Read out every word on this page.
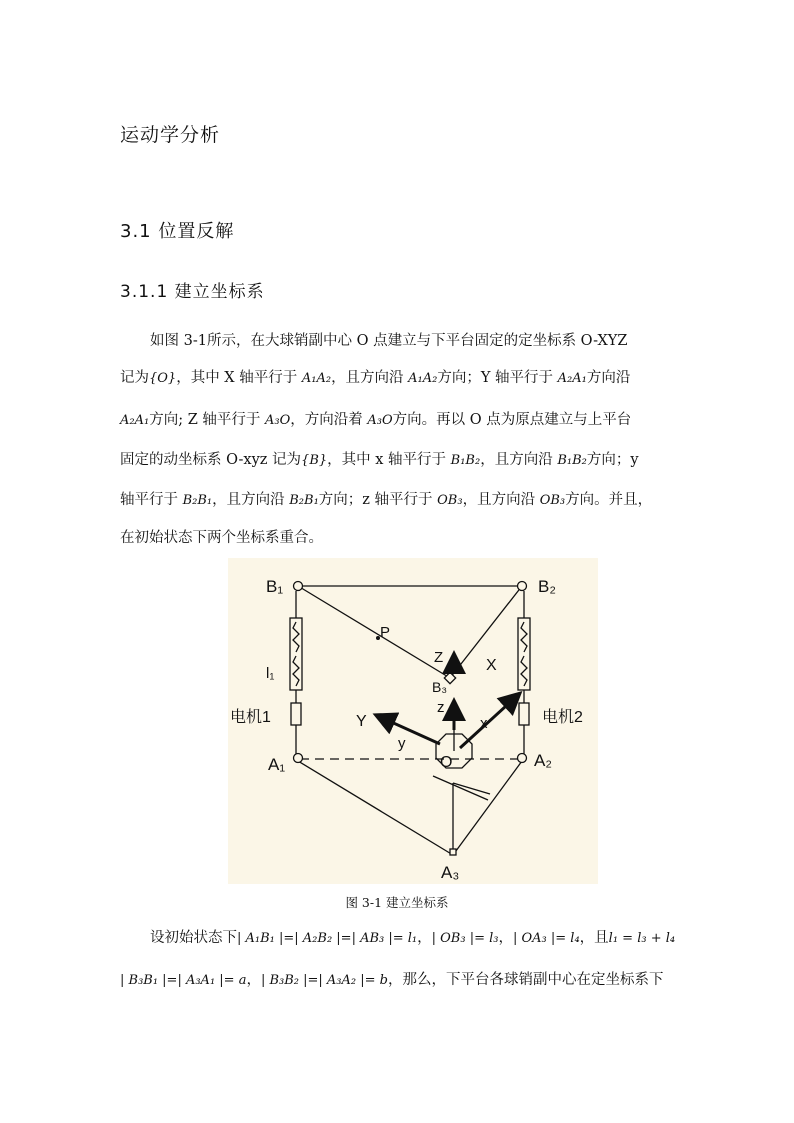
运动学分析
3.1 位置反解
3.1.1 建立坐标系
如图 3-1所示，在大球销副中心 O 点建立与下平台固定的定坐标系 O-XYZ
记为{O}，其中 X 轴平行于 A₁A₂，且方向沿 A₁A₂方向；Y 轴平行于 A₂A₁方向沿
A₂A₁方向; Z 轴平行于 A₃O，方向沿着 A₃O方向。再以 O 点为原点建立与上平台
固定的动坐标系 O-xyz 记为{B}，其中 x 轴平行于 B₁B₂，且方向沿 B₁B₂方向；y
轴平行于 B₂B₁，且方向沿 B₂B₁方向；z 轴平行于 OB₃，且方向沿 OB₃方向。并且，
在初始状态下两个坐标系重合。
B₁	B₂
B₃
A₁	A₂
A₃
P
l₁
Z
z
X
x
Y
y
O
电机1	电机2
图 3-1 建立坐标系
设初始状态下| A₁B₁ |=| A₂B₂ |=| AB₃ |= l₁，| OB₃ |= l₃，| OA₃ |= l₄，且l₁ = l₃ + l₄
| B₃B₁ |=| A₃A₁ |= a，| B₃B₂ |=| A₃A₂ |= b，那么，下平台各球销副中心在定坐标系下
